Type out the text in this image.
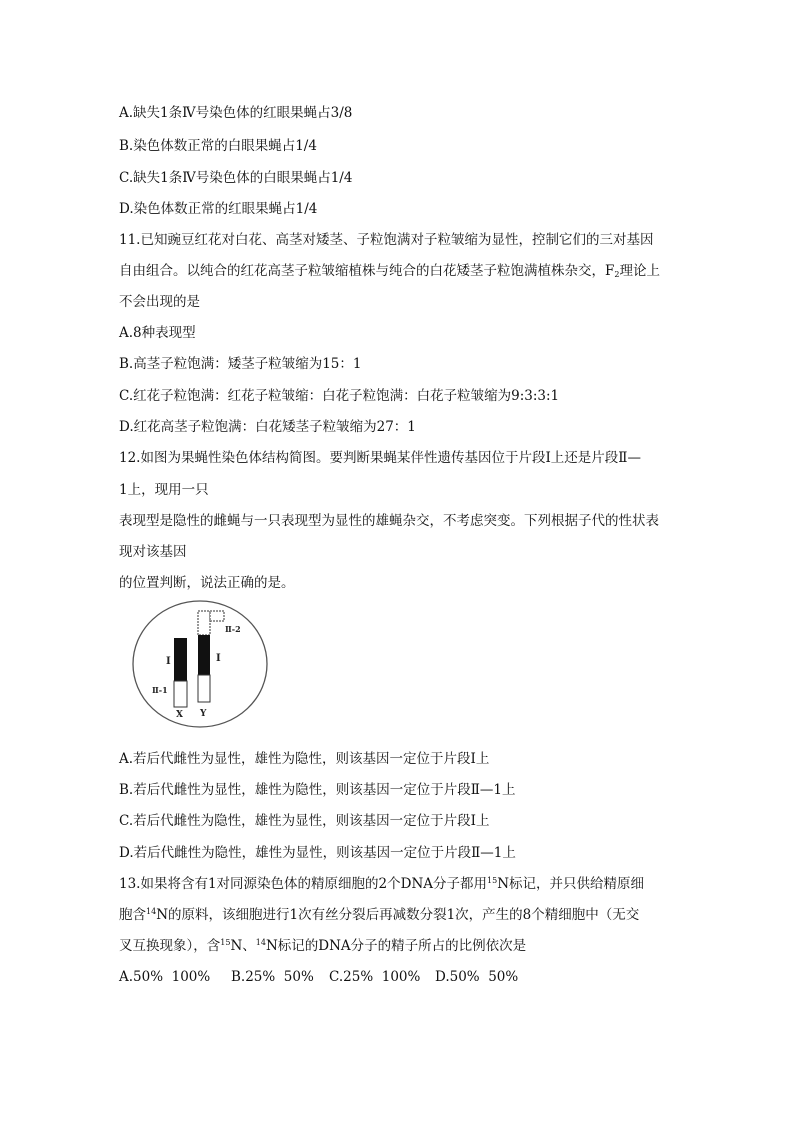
A.缺失1条Ⅳ号染色体的红眼果蝇占3/8
B.染色体数正常的白眼果蝇占1/4
C.缺失1条Ⅳ号染色体的白眼果蝇占1/4
D.染色体数正常的红眼果蝇占1/4
11.已知豌豆红花对白花、高茎对矮茎、子粒饱满对子粒皱缩为显性，控制它们的三对基因
自由组合。以纯合的红花高茎子粒皱缩植株与纯合的白花矮茎子粒饱满植株杂交，$F_2$理论上
不会出现的是
A.8种表现型
B.高茎子粒饱满：矮茎子粒皱缩为15：1
C.红花子粒饱满：红花子粒皱缩：白花子粒饱满：白花子粒皱缩为9:3:3:1
D.红花高茎子粒饱满：白花矮茎子粒皱缩为27：1
12.如图为果蝇性染色体结构简图。要判断果蝇某伴性遗传基因位于片段Ⅰ上还是片段Ⅱ—
1上，现用一只
表现型是隐性的雌蝇与一只表现型为显性的雄蝇杂交，不考虑突变。下列根据子代的性状表
现对该基因
的位置判断，说法正确的是。
Ⅰ	Ⅰ
Ⅱ-1
Ⅱ-2
X Y
A.若后代雌性为显性，雄性为隐性，则该基因一定位于片段Ⅰ上
B.若后代雌性为显性，雄性为隐性，则该基因一定位于片段Ⅱ—1上
C.若后代雌性为隐性，雄性为显性，则该基因一定位于片段Ⅰ上
D.若后代雌性为隐性，雄性为显性，则该基因一定位于片段Ⅱ—1上
13.如果将含有1对同源染色体的精原细胞的2个DNA分子都用$^{15}$N标记，并只供给精原细
胞含$^{14}$N的原料，该细胞进行1次有丝分裂后再减数分裂1次，产生的8个精细胞中（无交
叉互换现象），含$^{15}$N、$^{14}$N标记的DNA分子的精子所占的比例依次是
A.50%  100% B.25%  50% C.25%  100% D.50%  50%
